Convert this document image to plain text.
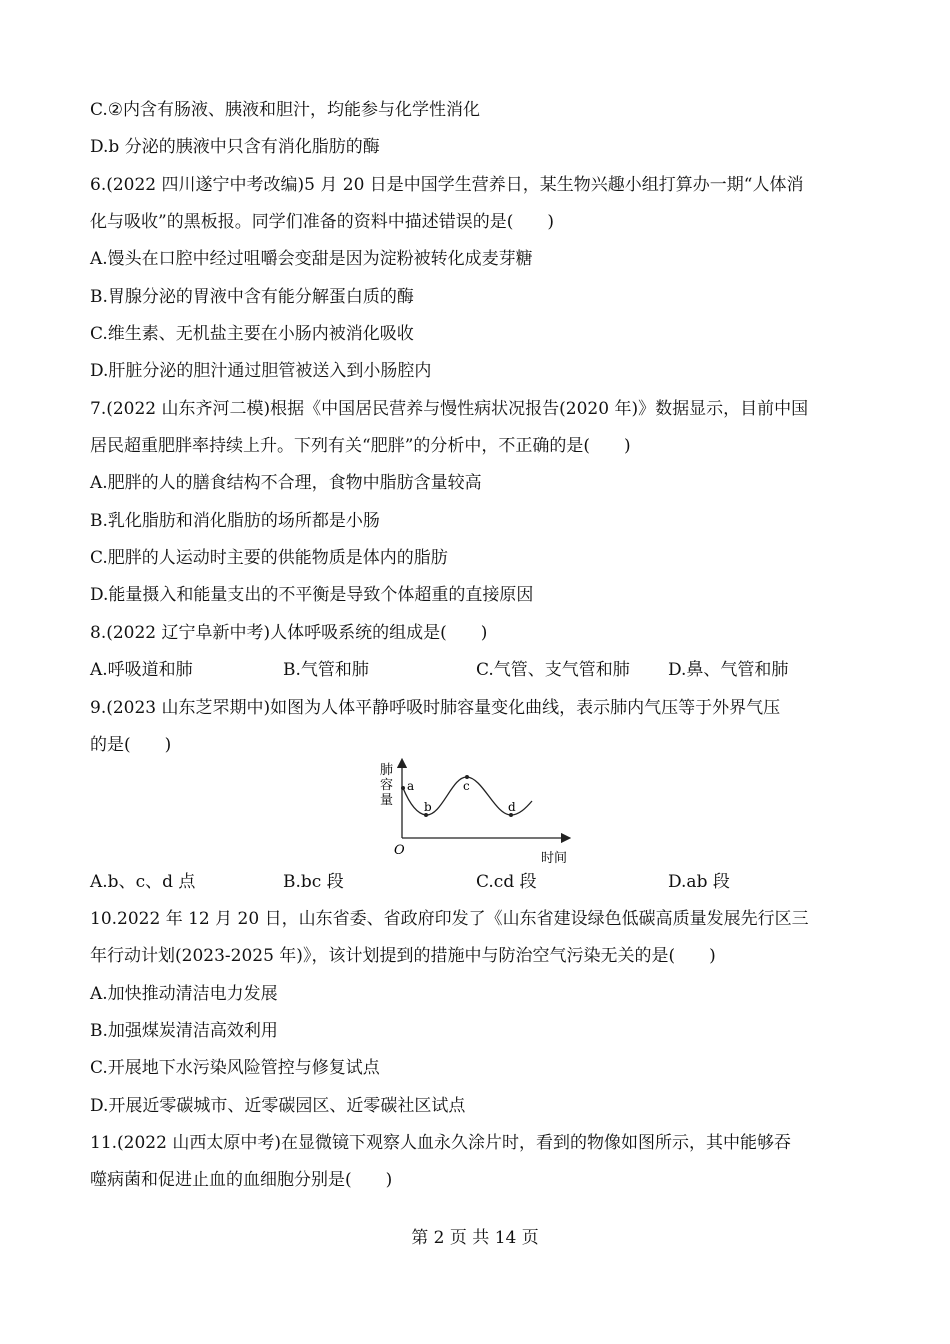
C.②内含有肠液、胰液和胆汁，均能参与化学性消化
D.b 分泌的胰液中只含有消化脂肪的酶
6.(2022 四川遂宁中考改编)5 月 20 日是中国学生营养日，某生物兴趣小组打算办一期“人体消
化与吸收”的黑板报。同学们准备的资料中描述错误的是(　　)
A.馒头在口腔中经过咀嚼会变甜是因为淀粉被转化成麦芽糖
B.胃腺分泌的胃液中含有能分解蛋白质的酶
C.维生素、无机盐主要在小肠内被消化吸收
D.肝脏分泌的胆汁通过胆管被送入到小肠腔内
7.(2022 山东齐河二模)根据《中国居民营养与慢性病状况报告(2020 年)》数据显示，目前中国
居民超重肥胖率持续上升。下列有关“肥胖”的分析中，不正确的是(　　)
A.肥胖的人的膳食结构不合理，食物中脂肪含量较高
B.乳化脂肪和消化脂肪的场所都是小肠
C.肥胖的人运动时主要的供能物质是体内的脂肪
D.能量摄入和能量支出的不平衡是导致个体超重的直接原因
8.(2022 辽宁阜新中考)人体呼吸系统的组成是(　　)
A.呼吸道和肺	B.气管和肺	C.气管、支气管和肺 D.鼻、气管和肺
9.(2023 山东芝罘期中)如图为人体平静呼吸时肺容量变化曲线，表示肺内气压等于外界气压
的是(　　)
肺
容
量
O
时间
a
b
c
d
A.b、c、d 点	B.bc 段	C.cd 段	D.ab 段
10.2022 年 12 月 20 日，山东省委、省政府印发了《山东省建设绿色低碳高质量发展先行区三
年行动计划(2023-2025 年)》，该计划提到的措施中与防治空气污染无关的是(　　)
A.加快推动清洁电力发展
B.加强煤炭清洁高效利用
C.开展地下水污染风险管控与修复试点
D.开展近零碳城市、近零碳园区、近零碳社区试点
11.(2022 山西太原中考)在显微镜下观察人血永久涂片时，看到的物像如图所示，其中能够吞
噬病菌和促进止血的血细胞分别是(　　)
第 2 页 共 14 页
